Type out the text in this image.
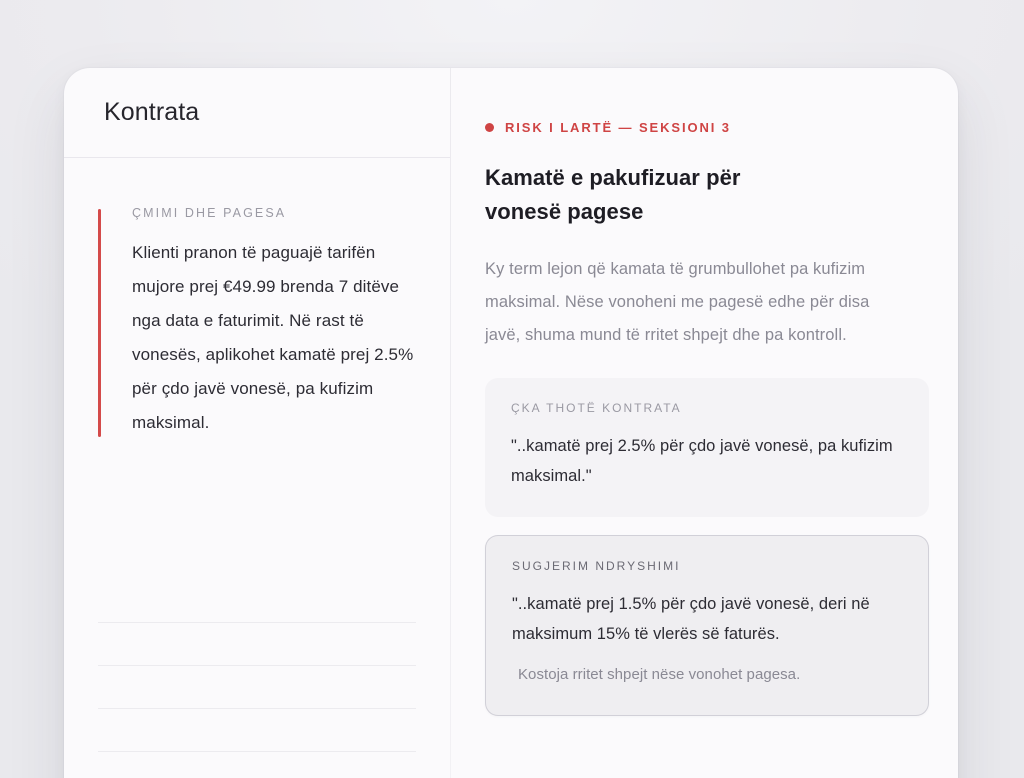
Kontrata
ÇMIMI DHE PAGESA
Klienti pranon të paguajë tarifën mujore prej €49.99 brenda 7 ditëve nga data e faturimit. Në rast të vonesës, aplikohet kamatë prej 2.5% për çdo javë vonesë, pa kufizim maksimal.
RISK I LARTË — SEKSIONI 3
Kamatë e pakufizuar për vonesë pagese
Ky term lejon që kamata të grumbullohet pa kufizim maksimal. Nëse vonoheni me pagesë edhe për disa javë, shuma mund të rritet shpejt dhe pa kontroll.
ÇKA THOTË KONTRATA
"..kamatë prej 2.5% për çdo javë vonesë, pa kufizim maksimal."
SUGJERIM NDRYSHIMI
"..kamatë prej 1.5% për çdo javë vonesë, deri në maksimum 15% të vlerës së faturës.
Kostoja rritet shpejt nëse vonohet pagesa.
